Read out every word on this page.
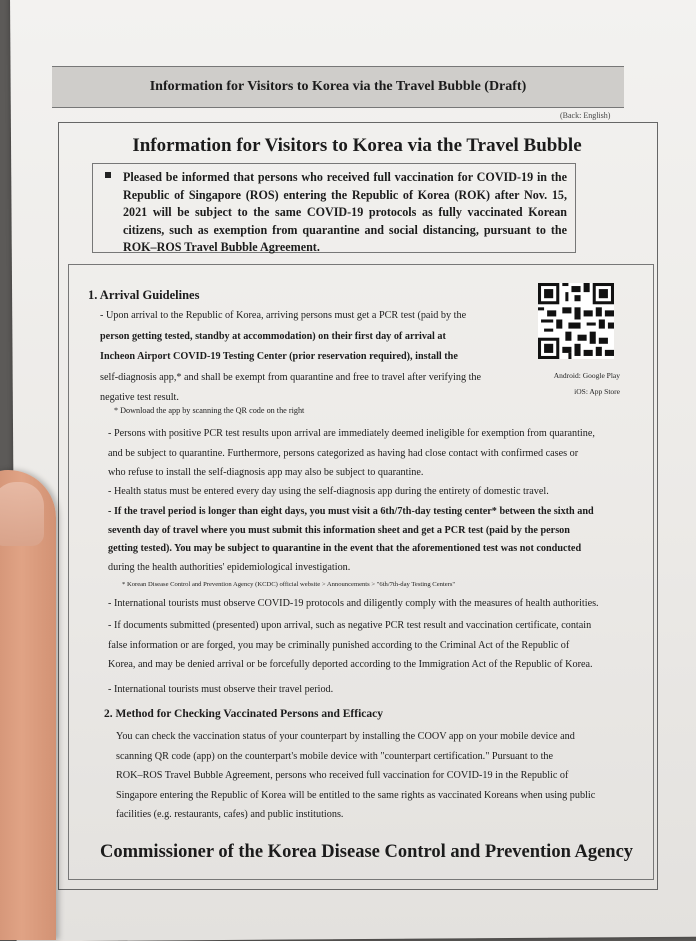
Information for Visitors to Korea via the Travel Bubble (Draft)
(Back: English)
Information for Visitors to Korea via the Travel Bubble
Pleased be informed that persons who received full vaccination for COVID-19 in the Republic of Singapore (ROS) entering the Republic of Korea (ROK) after Nov. 15, 2021 will be subject to the same COVID-19 protocols as fully vaccinated Korean citizens, such as exemption from quarantine and social distancing, pursuant to the ROK–ROS Travel Bubble Agreement.
1. Arrival Guidelines
- Upon arrival to the Republic of Korea, arriving persons must get a PCR test (paid by the
person getting tested, standby at accommodation) on their first day of arrival at
Incheon Airport COVID-19 Testing Center (prior reservation required), install the
self-diagnosis app,* and shall be exempt from quarantine and free to travel after verifying the
negative test result.
* Download the app by scanning the QR code on the right
Android: Google Play
iOS: App Store
- Persons with positive PCR test results upon arrival are immediately deemed ineligible for exemption from quarantine,
and be subject to quarantine. Furthermore, persons categorized as having had close contact with confirmed cases or
who refuse to install the self-diagnosis app may also be subject to quarantine.
- Health status must be entered every day using the self-diagnosis app during the entirety of domestic travel.
- If the travel period is longer than eight days, you must visit a 6th/7th-day testing center* between the sixth and
seventh day of travel where you must submit this information sheet and get a PCR test (paid by the person
getting tested). You may be subject to quarantine in the event that the aforementioned test was not conducted
during the health authorities' epidemiological investigation.
* Korean Disease Control and Prevention Agency (KCDC) official website > Announcements > "6th/7th-day Testing Centers"
- International tourists must observe COVID-19 protocols and diligently comply with the measures of health authorities.
- If documents submitted (presented) upon arrival, such as negative PCR test result and vaccination certificate, contain
false information or are forged, you may be criminally punished according to the Criminal Act of the Republic of
Korea, and may be denied arrival or be forcefully deported according to the Immigration Act of the Republic of Korea.
- International tourists must observe their travel period.
2. Method for Checking Vaccinated Persons and Efficacy
You can check the vaccination status of your counterpart by installing the COOV app on your mobile device and
scanning QR code (app) on the counterpart's mobile device with "counterpart certification." Pursuant to the
ROK–ROS Travel Bubble Agreement, persons who received full vaccination for COVID-19 in the Republic of
Singapore entering the Republic of Korea will be entitled to the same rights as vaccinated Koreans when using public
facilities (e.g. restaurants, cafes) and public institutions.
Commissioner of the Korea Disease Control and Prevention Agency
